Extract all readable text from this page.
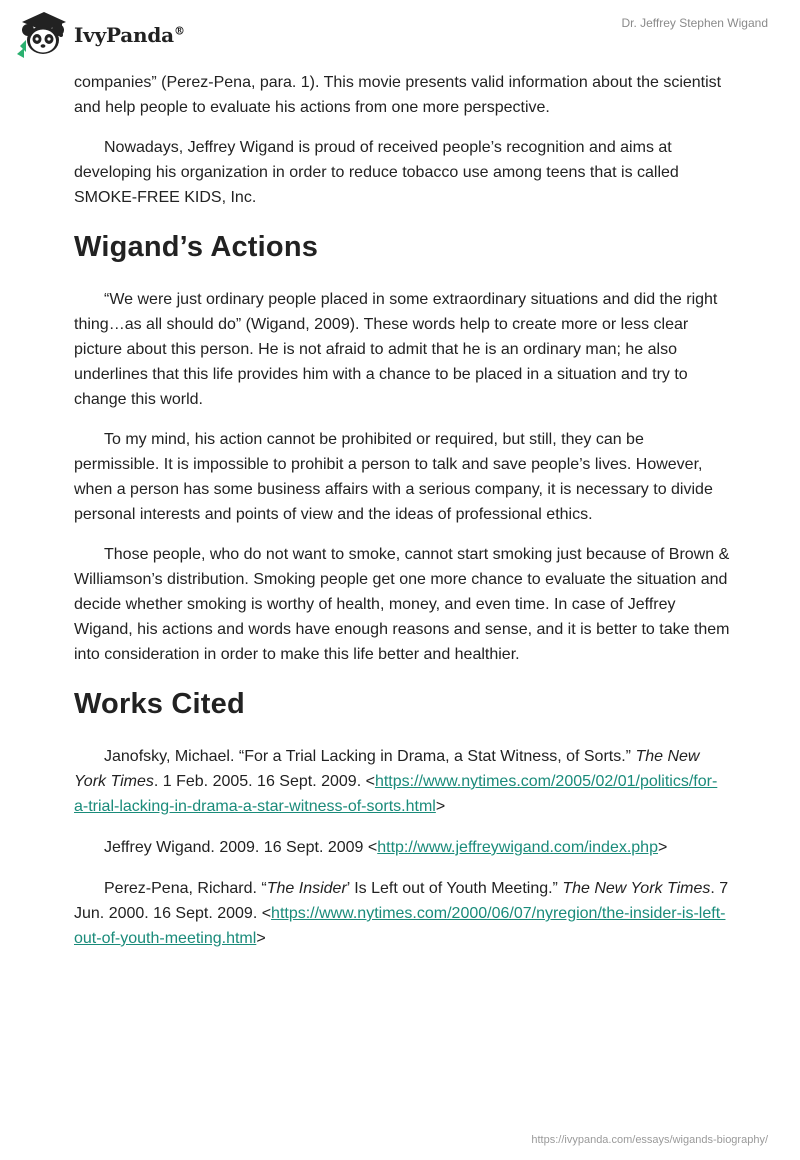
IvyPanda®
Dr. Jeffrey Stephen Wigand

companies” (Perez-Pena, para. 1). This movie presents valid information about the scientist and help people to evaluate his actions from one more perspective.

Nowadays, Jeffrey Wigand is proud of received people’s recognition and aims at developing his organization in order to reduce tobacco use among teens that is called SMOKE-FREE KIDS, Inc.

Wigand’s Actions

“We were just ordinary people placed in some extraordinary situations and did the right thing…as all should do” (Wigand, 2009). These words help to create more or less clear picture about this person. He is not afraid to admit that he is an ordinary man; he also underlines that this life provides him with a chance to be placed in a situation and try to change this world.

To my mind, his action cannot be prohibited or required, but still, they can be permissible. It is impossible to prohibit a person to talk and save people’s lives. However, when a person has some business affairs with a serious company, it is necessary to divide personal interests and points of view and the ideas of professional ethics.

Those people, who do not want to smoke, cannot start smoking just because of Brown & Williamson’s distribution. Smoking people get one more chance to evaluate the situation and decide whether smoking is worthy of health, money, and even time. In case of Jeffrey Wigand, his actions and words have enough reasons and sense, and it is better to take them into consideration in order to make this life better and healthier.

Works Cited

Janofsky, Michael. “For a Trial Lacking in Drama, a Stat Witness, of Sorts.” The New York Times. 1 Feb. 2005. 16 Sept. 2009. <https://www.nytimes.com/2005/02/01/politics/for-a-trial-lacking-in-drama-a-star-witness-of-sorts.html>

Jeffrey Wigand. 2009. 16 Sept. 2009 <http://www.jeffreywigand.com/index.php>

Perez-Pena, Richard. “The Insider’ Is Left out of Youth Meeting.” The New York Times. 7 Jun. 2000. 16 Sept. 2009. <https://www.nytimes.com/2000/06/07/nyregion/the-insider-is-left-out-of-youth-meeting.html>

https://ivypanda.com/essays/wigands-biography/
